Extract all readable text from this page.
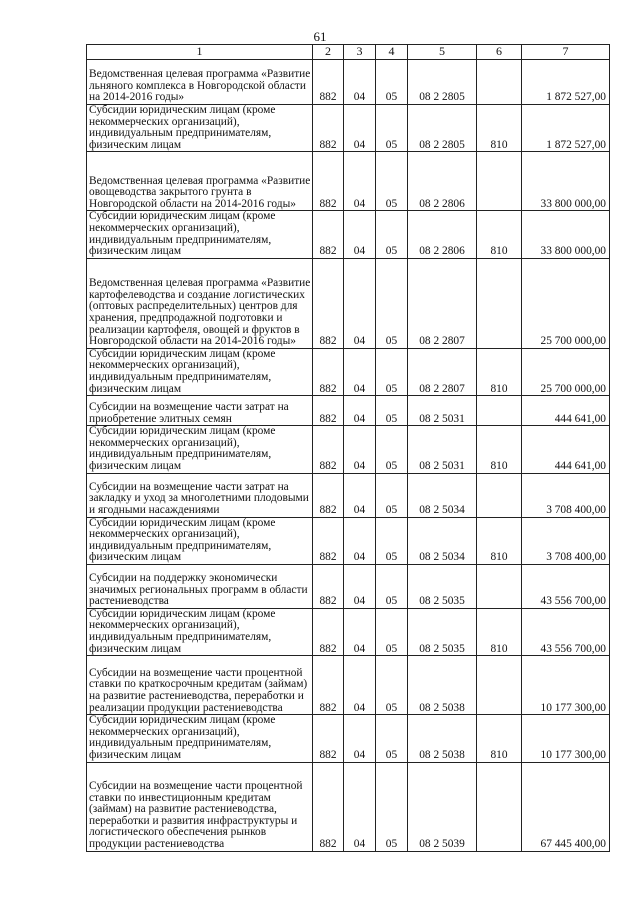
61
1	2	3	4	5	6	7
Ведомственная целевая программа «Развитие льняного комплекса в Новгородской области на 2014-2016 годы»	882	04	05	08 2 2805		1 872 527,00
Субсидии юридическим лицам (кроме некоммерческих организаций), индивидуальным предпринимателям, физическим лицам	882	04	05	08 2 2805	810	1 872 527,00
Ведомственная целевая программа «Развитие овощеводства закрытого грунта в Новгородской области на 2014-2016 годы»	882	04	05	08 2 2806		33 800 000,00
Субсидии юридическим лицам (кроме некоммерческих организаций), индивидуальным предпринимателям, физическим лицам	882	04	05	08 2 2806	810	33 800 000,00
Ведомственная целевая программа «Развитие картофелеводства и создание логистических (оптовых распределительных) центров для хранения, предпродажной подготовки и реализации картофеля, овощей и фруктов в Новгородской области на 2014-2016 годы»	882	04	05	08 2 2807		25 700 000,00
Субсидии юридическим лицам (кроме некоммерческих организаций), индивидуальным предпринимателям, физическим лицам	882	04	05	08 2 2807	810	25 700 000,00
Субсидии на возмещение части затрат на приобретение элитных семян	882	04	05	08 2 5031		444 641,00
Субсидии юридическим лицам (кроме некоммерческих организаций), индивидуальным предпринимателям, физическим лицам	882	04	05	08 2 5031	810	444 641,00
Субсидии на возмещение части затрат на закладку и уход за многолетними плодовыми и ягодными насаждениями	882	04	05	08 2 5034		3 708 400,00
Субсидии юридическим лицам (кроме некоммерческих организаций), индивидуальным предпринимателям, физическим лицам	882	04	05	08 2 5034	810	3 708 400,00
Субсидии на поддержку экономически значимых региональных программ в области растениеводства	882	04	05	08 2 5035		43 556 700,00
Субсидии юридическим лицам (кроме некоммерческих организаций), индивидуальным предпринимателям, физическим лицам	882	04	05	08 2 5035	810	43 556 700,00
Субсидии на возмещение части процентной ставки по краткосрочным кредитам (займам) на развитие растениеводства, переработки и реализации продукции растениеводства	882	04	05	08 2 5038		10 177 300,00
Субсидии юридическим лицам (кроме некоммерческих организаций), индивидуальным предпринимателям, физическим лицам	882	04	05	08 2 5038	810	10 177 300,00
Субсидии на возмещение части процентной ставки по инвестиционным кредитам (займам) на развитие растениеводства, переработки и развития инфраструктуры и логистического обеспечения рынков продукции растениеводства	882	04	05	08 2 5039		67 445 400,00
